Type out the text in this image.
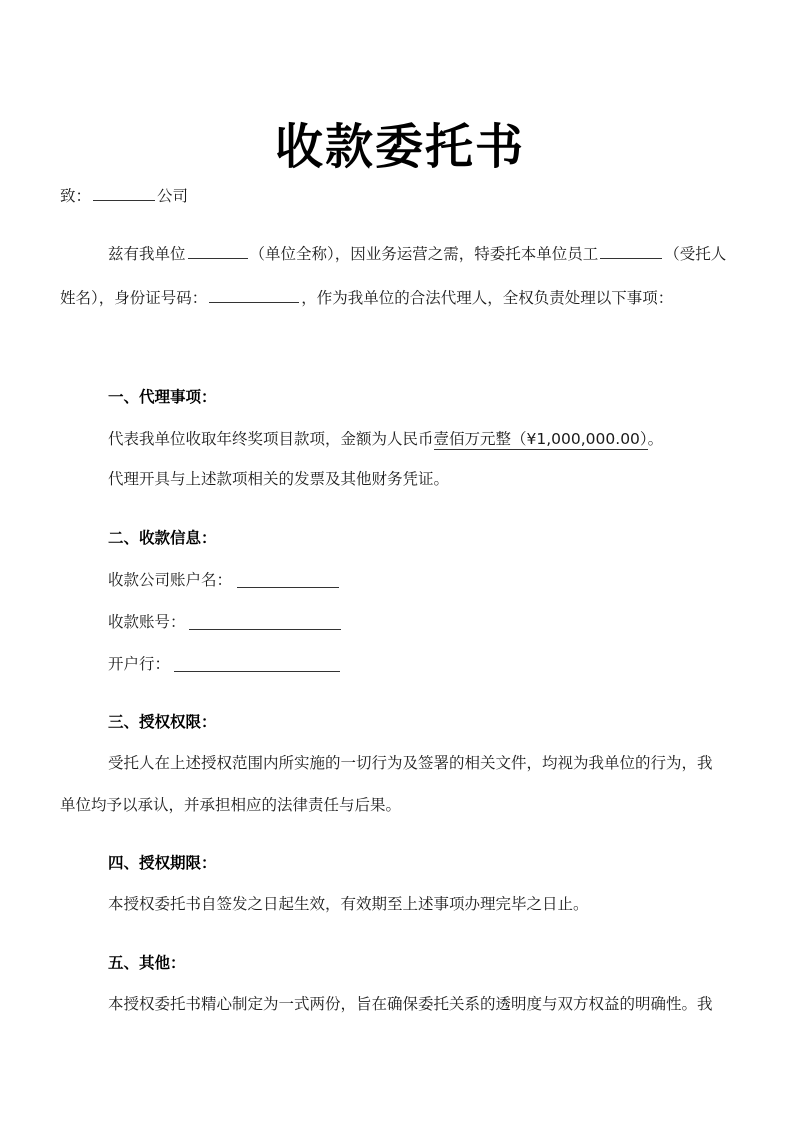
收款委托书
致：	公司
兹有我单位	（单位全称），因业务运营之需，特委托本单位员工	（受托人
姓名），身份证号码：	，作为我单位的合法代理人，全权负责处理以下事项：
一、代理事项：
代表我单位收取年终奖项目款项，金额为人民币壹佰万元整（¥1,000,000.00）。
代理开具与上述款项相关的发票及其他财务凭证。
二、收款信息：
收款公司账户名：
收款账号：
开户行：
三、授权权限：
受托人在上述授权范围内所实施的一切行为及签署的相关文件，均视为我单位的行为，我
单位均予以承认，并承担相应的法律责任与后果。
四、授权期限：
本授权委托书自签发之日起生效，有效期至上述事项办理完毕之日止。
五、其他：
本授权委托书精心制定为一式两份，旨在确保委托关系的透明度与双方权益的明确性。我
